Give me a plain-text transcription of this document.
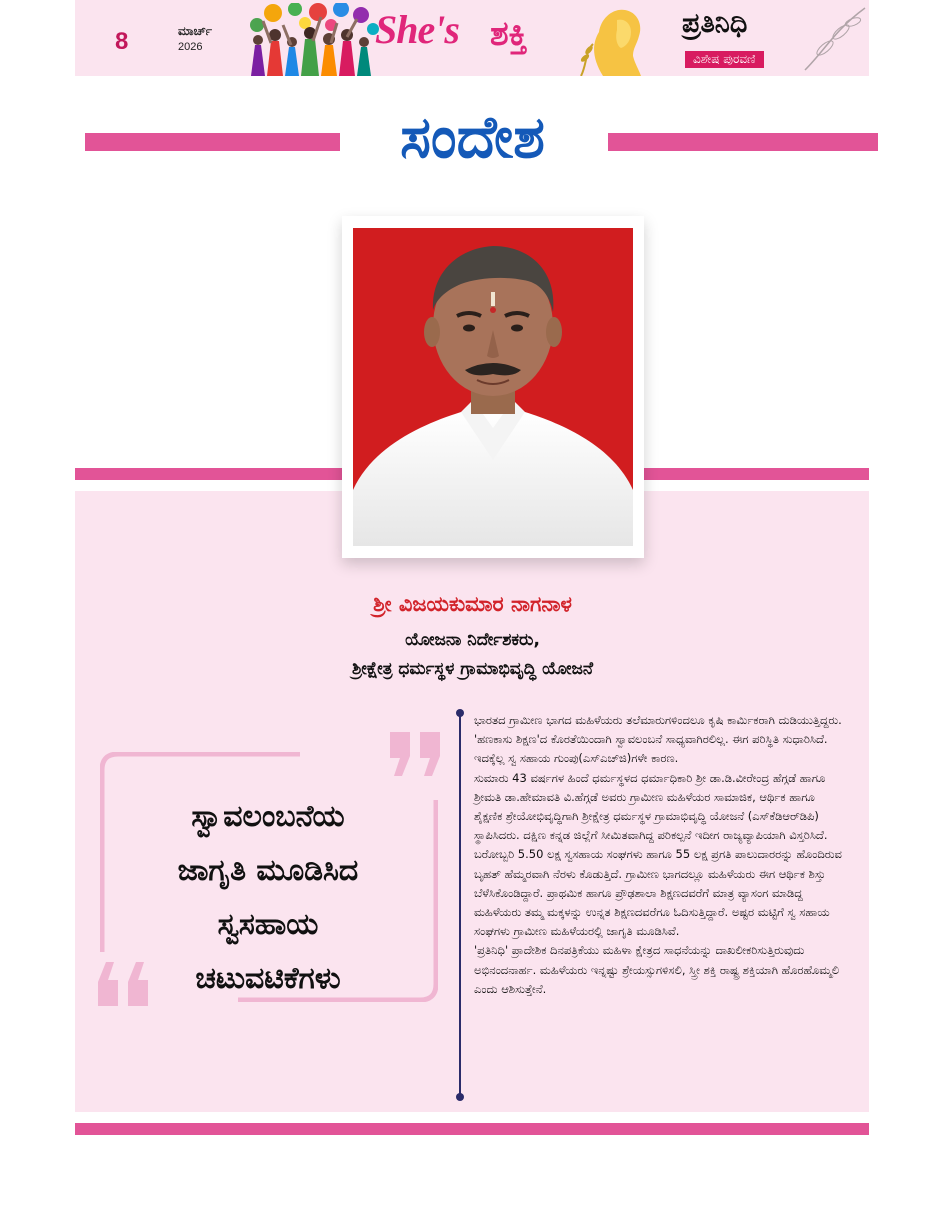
8	ಮಾರ್ಚ್
2026	She's ಶಕ್ತಿ	ಪ್ರತಿನಿಧಿ
ವಿಶೇಷ ಪುರವಣಿ
ಸಂದೇಶ
ಶ್ರೀ ವಿಜಯಕುಮಾರ ನಾಗನಾಳ
ಯೋಜನಾ ನಿರ್ದೇಶಕರು,
ಶ್ರೀಕ್ಷೇತ್ರ ಧರ್ಮಸ್ಥಳ ಗ್ರಾಮಾಭಿವೃದ್ಧಿ ಯೋಜನೆ
ಸ್ವಾವಲಂಬನೆಯ
ಜಾಗೃತಿ ಮೂಡಿಸಿದ
ಸ್ವಸಹಾಯ
ಚಟುವಟಿಕೆಗಳು

ಭಾರತದ ಗ್ರಾಮೀಣ ಭಾಗದ ಮಹಿಳೆಯರು ತಲೆಮಾರುಗಳಿಂದಲೂ ಕೃಷಿ ಕಾರ್ಮಿಕರಾಗಿ ದುಡಿಯುತ್ತಿದ್ದರು. 'ಹಣಕಾಸು ಶಿಕ್ಷಣ'ದ ಕೊರತೆಯಿಂದಾಗಿ ಸ್ವಾವಲಂಬನೆ ಸಾಧ್ಯವಾಗಿರಲಿಲ್ಲ. ಈಗ ಪರಿಸ್ಥಿತಿ ಸುಧಾರಿಸಿದೆ. ಇದಕ್ಕೆಲ್ಲ ಸ್ವ ಸಹಾಯ ಗುಂಪು(ಎಸ್‌ಎಚ್‌ಜಿ)ಗಳೇ ಕಾರಣ.

ಸುಮಾರು 43 ವರ್ಷಗಳ ಹಿಂದೆ ಧರ್ಮಸ್ಥಳದ ಧರ್ಮಾಧಿಕಾರಿ ಶ್ರೀ ಡಾ.ಡಿ.ವೀರೇಂದ್ರ ಹೆಗ್ಗಡೆ ಹಾಗೂ ಶ್ರೀಮತಿ ಡಾ.ಹೇಮಾವತಿ ವಿ.ಹೆಗ್ಗಡೆ ಅವರು ಗ್ರಾಮೀಣ ಮಹಿಳೆಯರ ಸಾಮಾಜಿಕ, ಆರ್ಥಿಕ ಹಾಗೂ ಶೈಕ್ಷಣಿಕ ಶ್ರೇಯೋಭಿವೃದ್ಧಿಗಾಗಿ ಶ್ರೀಕ್ಷೇತ್ರ ಧರ್ಮಸ್ಥಳ ಗ್ರಾಮಾಭಿವೃದ್ಧಿ ಯೋಜನೆ (ಎಸ್‌ಕೆಡಿಆರ್‌ಡಿಪಿ) ಸ್ಥಾಪಿಸಿದರು. ದಕ್ಷಿಣ ಕನ್ನಡ ಜಿಲ್ಲೆಗೆ ಸೀಮಿತವಾಗಿದ್ದ ಪರಿಕಲ್ಪನೆ ಇದೀಗ ರಾಜ್ಯವ್ಯಾಪಿಯಾಗಿ ವಿಸ್ತರಿಸಿದೆ. ಬರೋಬ್ಬರಿ 5.50 ಲಕ್ಷ ಸ್ವಸಹಾಯ ಸಂಘಗಳು ಹಾಗೂ 55 ಲಕ್ಷ ಪ್ರಗತಿ ಪಾಲುದಾರರನ್ನು ಹೊಂದಿರುವ ಬೃಹತ್ ಹೆಮ್ಮರವಾಗಿ ನೆರಳು ಕೊಡುತ್ತಿದೆ. ಗ್ರಾಮೀಣ ಭಾಗದಲ್ಲೂ ಮಹಿಳೆಯರು ಈಗ ಆರ್ಥಿಕ ಶಿಸ್ತು ಬೆಳೆಸಿಕೊಂಡಿದ್ದಾರೆ. ಪ್ರಾಥಮಿಕ ಹಾಗೂ ಪ್ರೌಢಶಾಲಾ ಶಿಕ್ಷಣದವರೆಗೆ ಮಾತ್ರ ವ್ಯಾಸಂಗ ಮಾಡಿದ್ದ ಮಹಿಳೆಯರು ತಮ್ಮ ಮಕ್ಕಳನ್ನು ಉನ್ನತ ಶಿಕ್ಷಣದವರೆಗೂ ಓದಿಸುತ್ತಿದ್ದಾರೆ. ಅಷ್ಟರ ಮಟ್ಟಿಗೆ ಸ್ವ ಸಹಾಯ ಸಂಘಗಳು ಗ್ರಾಮೀಣ ಮಹಿಳೆಯರಲ್ಲಿ ಜಾಗೃತಿ ಮೂಡಿಸಿವೆ.

'ಪ್ರತಿನಿಧಿ' ಪ್ರಾದೇಶಿಕ ದಿನಪತ್ರಿಕೆಯು ಮಹಿಳಾ ಕ್ಷೇತ್ರದ ಸಾಧನೆಯನ್ನು ದಾಖಲೀಕರಿಸುತ್ತಿರುವುದು ಅಭಿನಂದನಾರ್ಹ. ಮಹಿಳೆಯರು ಇನ್ನಷ್ಟು ಶ್ರೇಯಸ್ಸುಗಳಿಸಲಿ, ಸ್ತ್ರೀ ಶಕ್ತಿ ರಾಷ್ಟ್ರ ಶಕ್ತಿಯಾಗಿ ಹೊರಹೊಮ್ಮಲಿ ಎಂದು ಆಶಿಸುತ್ತೇನೆ.
